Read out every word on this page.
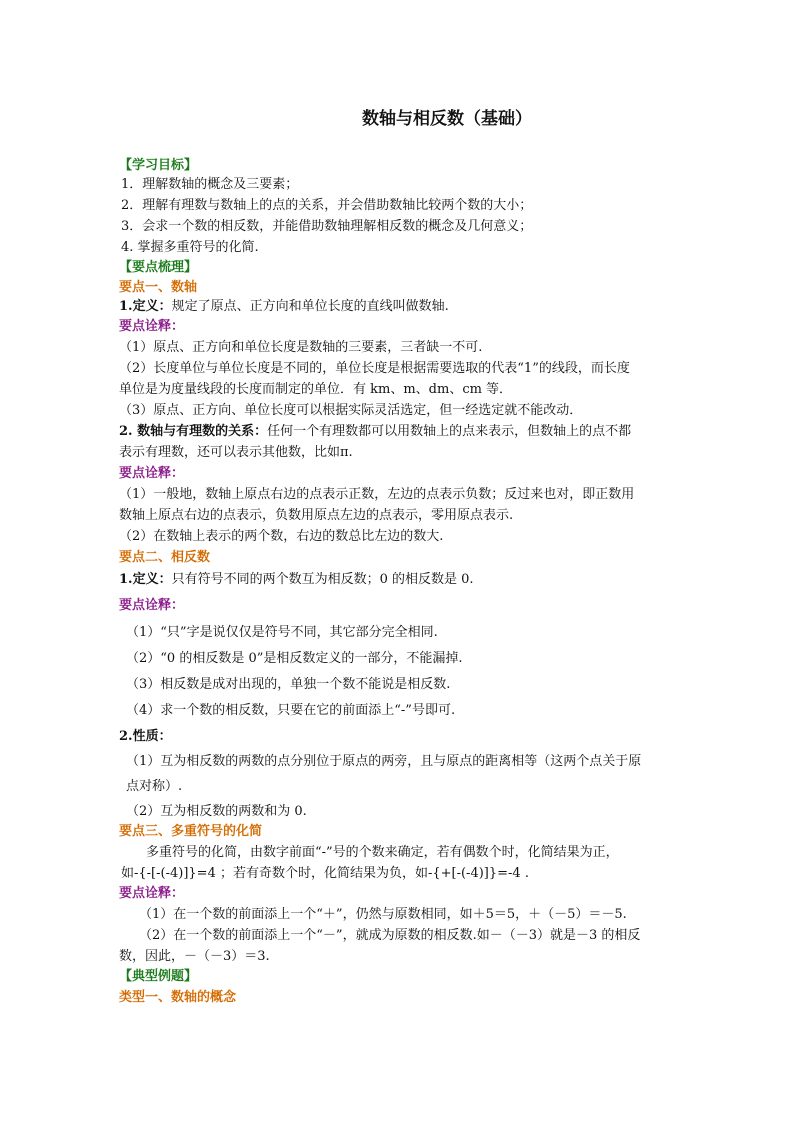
数轴与相反数（基础）
【学习目标】
1．理解数轴的概念及三要素；
2．理解有理数与数轴上的点的关系，并会借助数轴比较两个数的大小；
3．会求一个数的相反数，并能借助数轴理解相反数的概念及几何意义；
4. 掌握多重符号的化简.
【要点梳理】
要点一、数轴
1.定义：规定了原点、正方向和单位长度的直线叫做数轴.
要点诠释：
（1）原点、正方向和单位长度是数轴的三要素，三者缺一不可.
（2）长度单位与单位长度是不同的，单位长度是根据需要选取的代表“1”的线段，而长度
单位是为度量线段的长度而制定的单位．有 km、m、dm、cm 等．
（3）原点、正方向、单位长度可以根据实际灵活选定，但一经选定就不能改动．
2. 数轴与有理数的关系：任何一个有理数都可以用数轴上的点来表示，但数轴上的点不都
表示有理数，还可以表示其他数，比如π.
要点诠释：
（1）一般地，数轴上原点右边的点表示正数，左边的点表示负数；反过来也对，即正数用
数轴上原点右边的点表示，负数用原点左边的点表示，零用原点表示.
（2）在数轴上表示的两个数，右边的数总比左边的数大.
要点二、相反数
1.定义：只有符号不同的两个数互为相反数；0 的相反数是 0.
要点诠释：
（1）“只”字是说仅仅是符号不同，其它部分完全相同.
（2）“0 的相反数是 0”是相反数定义的一部分，不能漏掉.
（3）相反数是成对出现的，单独一个数不能说是相反数.
（4）求一个数的相反数，只要在它的前面添上“-”号即可.
2.性质：
（1）互为相反数的两数的点分别位于原点的两旁，且与原点的距离相等（这两个点关于原
点对称）.
（2）互为相反数的两数和为 0.
要点三、多重符号的化简
多重符号的化简，由数字前面“-”号的个数来确定，若有偶数个时，化简结果为正，
如-{-[-(-4)]}=4 ；若有奇数个时，化简结果为负，如-{+[-(-4)]}=-4 .
要点诠释：
（1）在一个数的前面添上一个“＋”，仍然与原数相同，如＋5＝5，＋（－5）＝－5.
（2）在一个数的前面添上一个“－”，就成为原数的相反数.如－（－3）就是－3 的相反
数，因此，－（－3）＝3.
【典型例题】
类型一、数轴的概念
